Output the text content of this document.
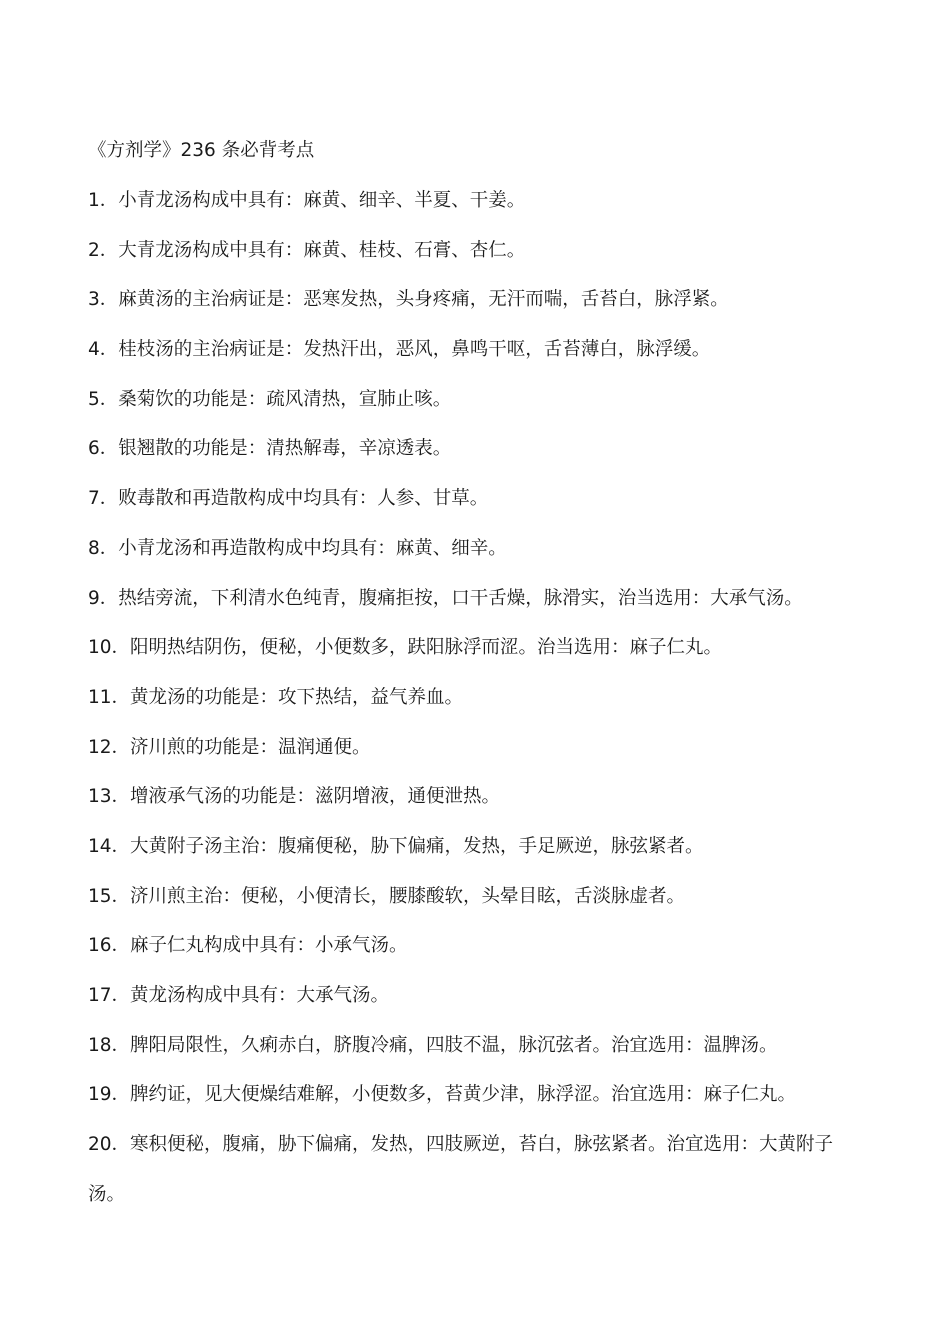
《方剂学》236 条必背考点
1．小青龙汤构成中具有：麻黄、细辛、半夏、干姜。
2．大青龙汤构成中具有：麻黄、桂枝、石膏、杏仁。
3．麻黄汤的主治病证是：恶寒发热，头身疼痛，无汗而喘，舌苔白，脉浮紧。
4．桂枝汤的主治病证是：发热汗出，恶风，鼻鸣干呕，舌苔薄白，脉浮缓。
5．桑菊饮的功能是：疏风清热，宣肺止咳。
6．银翘散的功能是：清热解毒，辛凉透表。
7．败毒散和再造散构成中均具有：人参、甘草。
8．小青龙汤和再造散构成中均具有：麻黄、细辛。
9．热结旁流，下利清水色纯青，腹痛拒按，口干舌燥，脉滑实，治当选用：大承气汤。
10．阳明热结阴伤，便秘，小便数多，趺阳脉浮而涩。治当选用：麻子仁丸。
11．黄龙汤的功能是：攻下热结，益气养血。
12．济川煎的功能是：温润通便。
13．增液承气汤的功能是：滋阴增液，通便泄热。
14．大黄附子汤主治：腹痛便秘，胁下偏痛，发热，手足厥逆，脉弦紧者。
15．济川煎主治：便秘，小便清长，腰膝酸软，头晕目眩，舌淡脉虚者。
16．麻子仁丸构成中具有：小承气汤。
17．黄龙汤构成中具有：大承气汤。
18．脾阳局限性，久痢赤白，脐腹冷痛，四肢不温，脉沉弦者。治宜选用：温脾汤。
19．脾约证，见大便燥结难解，小便数多，苔黄少津，脉浮涩。治宜选用：麻子仁丸。
20．寒积便秘，腹痛，胁下偏痛，发热，四肢厥逆，苔白，脉弦紧者。治宜选用：大黄附子汤。
